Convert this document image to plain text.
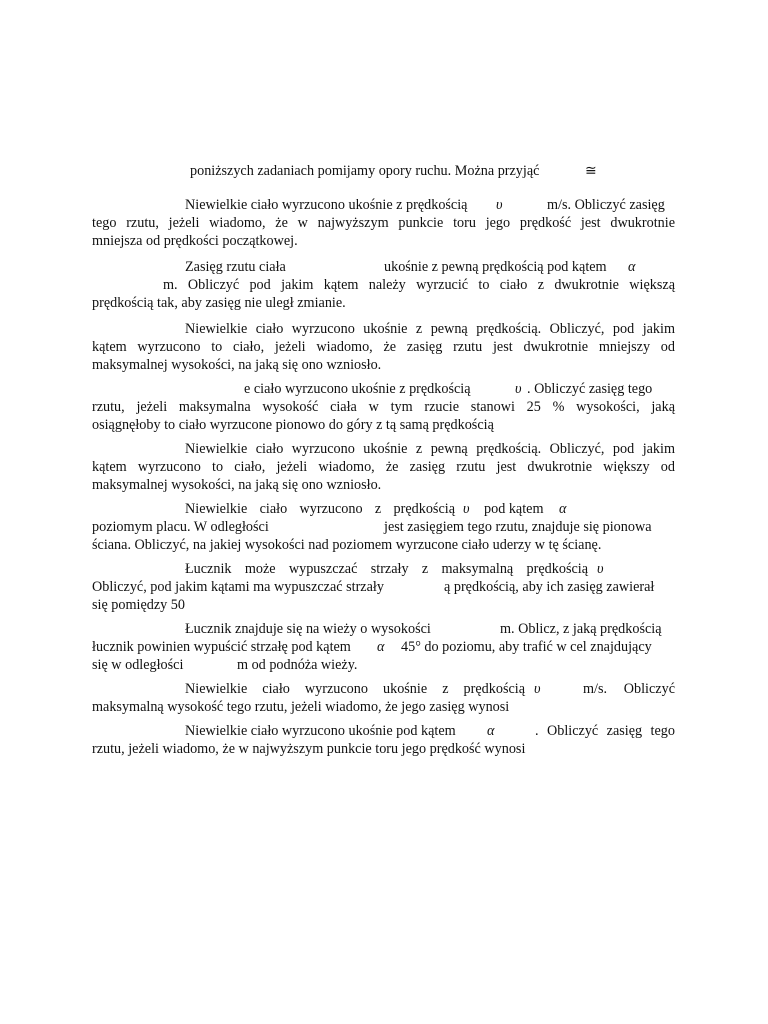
poniższych zadaniach pomijamy opory ruchu. Można przyjąć	≅
Niewielkie ciało wyrzucono ukośnie z prędkością υ	m/s. Obliczyć zasięg
tego rzutu, jeżeli wiadomo, że w najwyższym punkcie toru jego prędkość jest dwukrotnie
mniejsza od prędkości początkowej.
Zasięg rzutu ciała	ukośnie z pewną prędkością pod kątem α
m. Obliczyć pod jakim kątem należy wyrzucić to ciało z dwukrotnie większą
prędkością tak, aby zasięg nie uległ zmianie.
Niewielkie ciało wyrzucono ukośnie z pewną prędkością. Obliczyć, pod jakim
kątem wyrzucono to ciało, jeżeli wiadomo, że zasięg rzutu jest dwukrotnie mniejszy od
maksymalnej wysokości, na jaką się ono wzniosło.
e ciało wyrzucono ukośnie z prędkością	υ . Obliczyć zasięg tego
rzutu, jeżeli maksymalna wysokość ciała w tym rzucie stanowi 25 % wysokości, jaką
osiągnęłoby to ciało wyrzucone pionowo do góry z tą samą prędkością
Niewielkie ciało wyrzucono ukośnie z pewną prędkością. Obliczyć, pod jakim
kątem wyrzucono to ciało, jeżeli wiadomo, że zasięg rzutu jest dwukrotnie większy od
maksymalnej wysokości, na jaką się ono wzniosło.
Niewielkie ciało wyrzucono z prędkością υ pod kątem α
poziomym placu. W odległości	jest zasięgiem tego rzutu, znajduje się pionowa
ściana. Obliczyć, na jakiej wysokości nad poziomem wyrzucone ciało uderzy w tę ścianę.
Łucznik może wypuszczać strzały z maksymalną prędkością υ
Obliczyć, pod jakim kątami ma wypuszczać strzały	ą prędkością, aby ich zasięg zawierał
się pomiędzy 50
Łucznik znajduje się na wieży o wysokości	m. Oblicz, z jaką prędkością
łucznik powinien wypuścić strzałę pod kątem α 45° do poziomu, aby trafić w cel znajdujący
się w odległości	m od podnóża wieży.
Niewielkie ciało wyrzucono ukośnie z prędkością υ	m/s. Obliczyć
maksymalną wysokość tego rzutu, jeżeli wiadomo, że jego zasięg wynosi
Niewielkie ciało wyrzucono ukośnie pod kątem α	. Obliczyć zasięg tego
rzutu, jeżeli wiadomo, że w najwyższym punkcie toru jego prędkość wynosi
